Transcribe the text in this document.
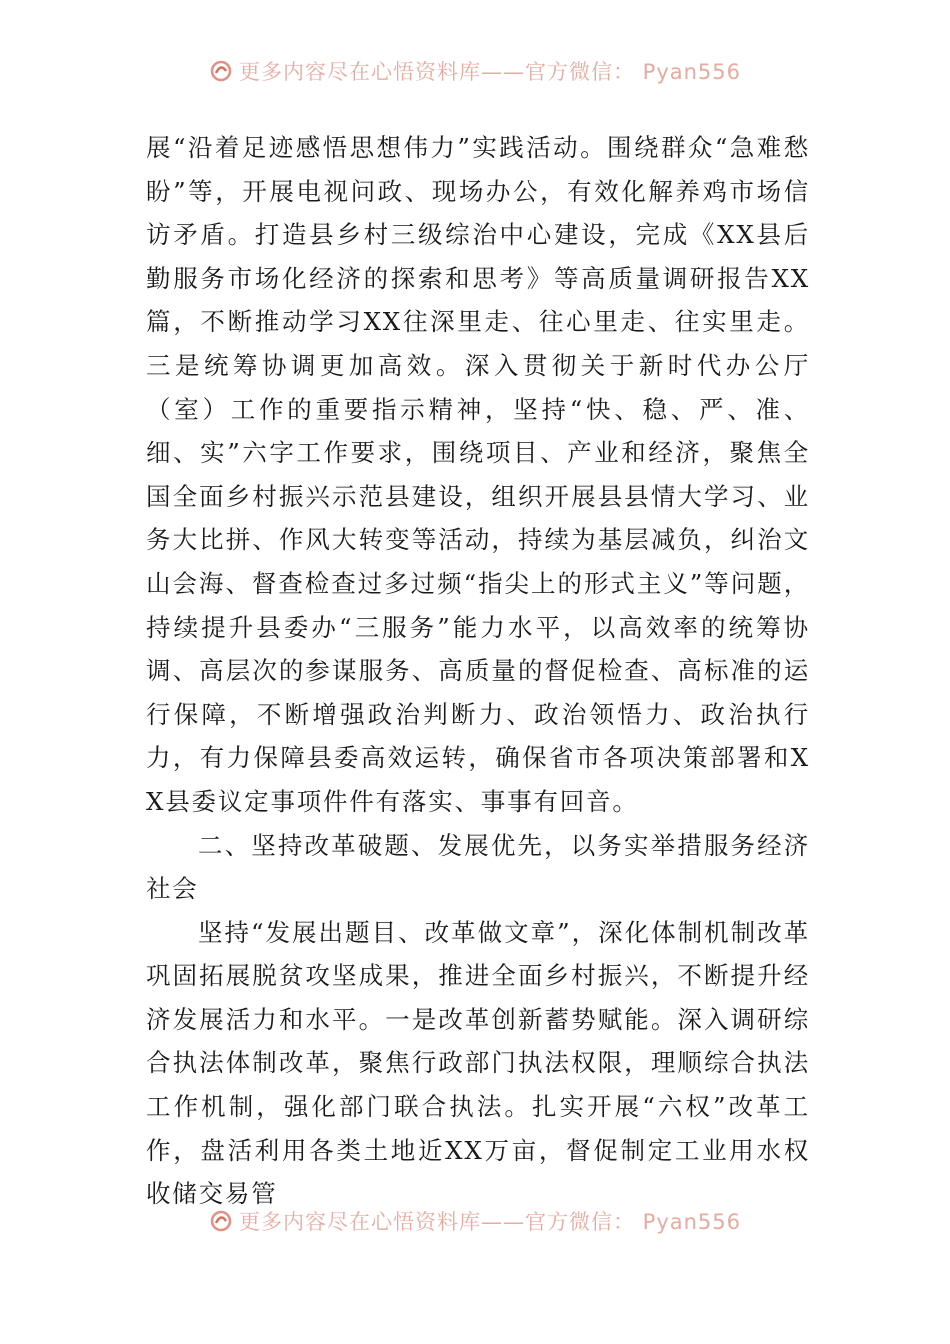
更多内容尽在心悟资料库——官方微信： Pyan556

展“沿着足迹感悟思想伟力”实践活动。围绕群众“急难愁盼”等，开展电视问政、现场办公，有效化解养鸡市场信访矛盾。打造县乡村三级综治中心建设，完成《XX县后勤服务市场化经济的探索和思考》等高质量调研报告XX篇，不断推动学习XX往深里走、往心里走、往实里走。三是统筹协调更加高效。深入贯彻关于新时代办公厅（室）工作的重要指示精神，坚持“快、稳、严、准、细、实”六字工作要求，围绕项目、产业和经济，聚焦全国全面乡村振兴示范县建设，组织开展县县情大学习、业务大比拼、作风大转变等活动，持续为基层减负，纠治文山会海、督查检查过多过频“指尖上的形式主义”等问题，持续提升县委办“三服务”能力水平，以高效率的统筹协调、高层次的参谋服务、高质量的督促检查、高标准的运行保障，不断增强政治判断力、政治领悟力、政治执行力，有力保障县委高效运转，确保省市各项决策部署和XX县委议定事项件件有落实、事事有回音。

二、坚持改革破题、发展优先，以务实举措服务经济社会

坚持“发展出题目、改革做文章”，深化体制机制改革巩固拓展脱贫攻坚成果，推进全面乡村振兴，不断提升经济发展活力和水平。一是改革创新蓄势赋能。深入调研综合执法体制改革，聚焦行政部门执法权限，理顺综合执法工作机制，强化部门联合执法。扎实开展“六权”改革工作，盘活利用各类土地近XX万亩，督促制定工业用水权收储交易管

更多内容尽在心悟资料库——官方微信： Pyan556
